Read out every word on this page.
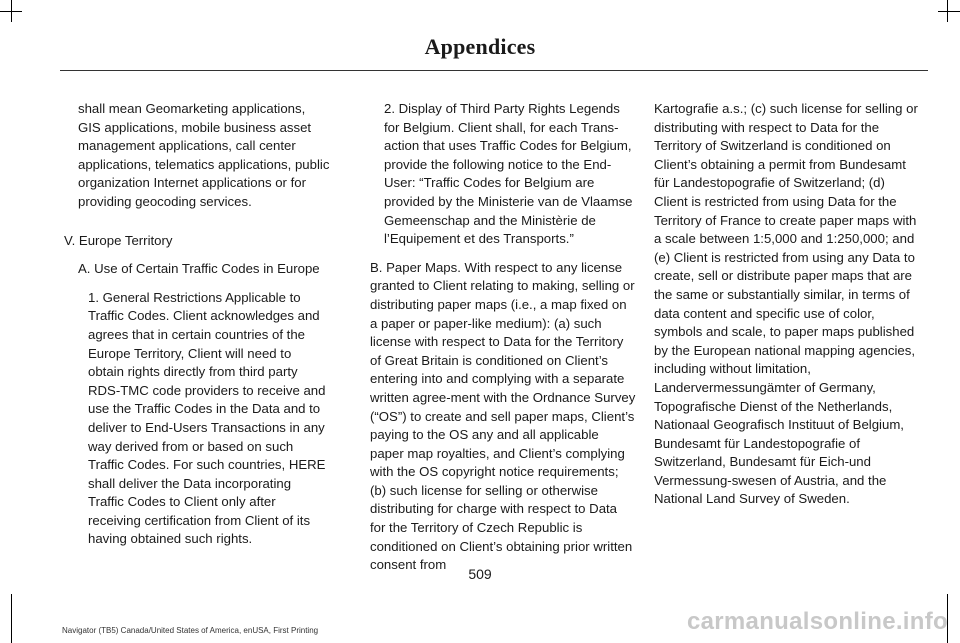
Appendices

shall mean Geomarketing applications, GIS applications, mobile business asset management applications, call center applications, telematics applications, public organization Internet applications or for providing geocoding services.

V. Europe Territory

A. Use of Certain Traffic Codes in Europe

1. General Restrictions Applicable to Traffic Codes. Client acknowledges and agrees that in certain countries of the Europe Territory, Client will need to obtain rights directly from third party RDS-TMC code providers to receive and use the Traffic Codes in the Data and to deliver to End-Users Transactions in any way derived from or based on such Traffic Codes. For such countries, HERE shall deliver the Data incorporating Traffic Codes to Client only after receiving certification from Client of its having obtained such rights.

2. Display of Third Party Rights Legends for Belgium. Client shall, for each Trans-action that uses Traffic Codes for Belgium, provide the following notice to the End-User: “Traffic Codes for Belgium are provided by the Ministerie van de Vlaamse Gemeenschap and the Ministèrie de l’Equipement et des Transports.”

B. Paper Maps. With respect to any license granted to Client relating to making, selling or distributing paper maps (i.e., a map fixed on a paper or paper-like medium): (a) such license with respect to Data for the Territory of Great Britain is conditioned on Client’s entering into and complying with a separate written agree-ment with the Ordnance Survey (“OS”) to create and sell paper maps, Client’s paying to the OS any and all applicable paper map royalties, and Client’s complying with the OS copyright notice requirements; (b) such license for selling or otherwise distributing for charge with respect to Data for the Territory of Czech Republic is conditioned on Client’s obtaining prior written consent from

Kartografie a.s.; (c) such license for selling or distributing with respect to Data for the Territory of Switzerland is conditioned on Client’s obtaining a permit from Bundesamt für Landestopografie of Switzerland; (d) Client is restricted from using Data for the Territory of France to create paper maps with a scale between 1:5,000 and 1:250,000; and (e) Client is restricted from using any Data to create, sell or distribute paper maps that are the same or substantially similar, in terms of data content and specific use of color, symbols and scale, to paper maps published by the European national mapping agencies, including without limitation, Landervermessungämter of Germany, Topografische Dienst of the Netherlands, Nationaal Geografisch Instituut of Belgium, Bundesamt für Landestopografie of Switzerland, Bundesamt für Eich-und Vermessung-swesen of Austria, and the National Land Survey of Sweden.

509
Navigator (TB5) Canada/United States of America, enUSA, First Printing	carmanualsonline.info
